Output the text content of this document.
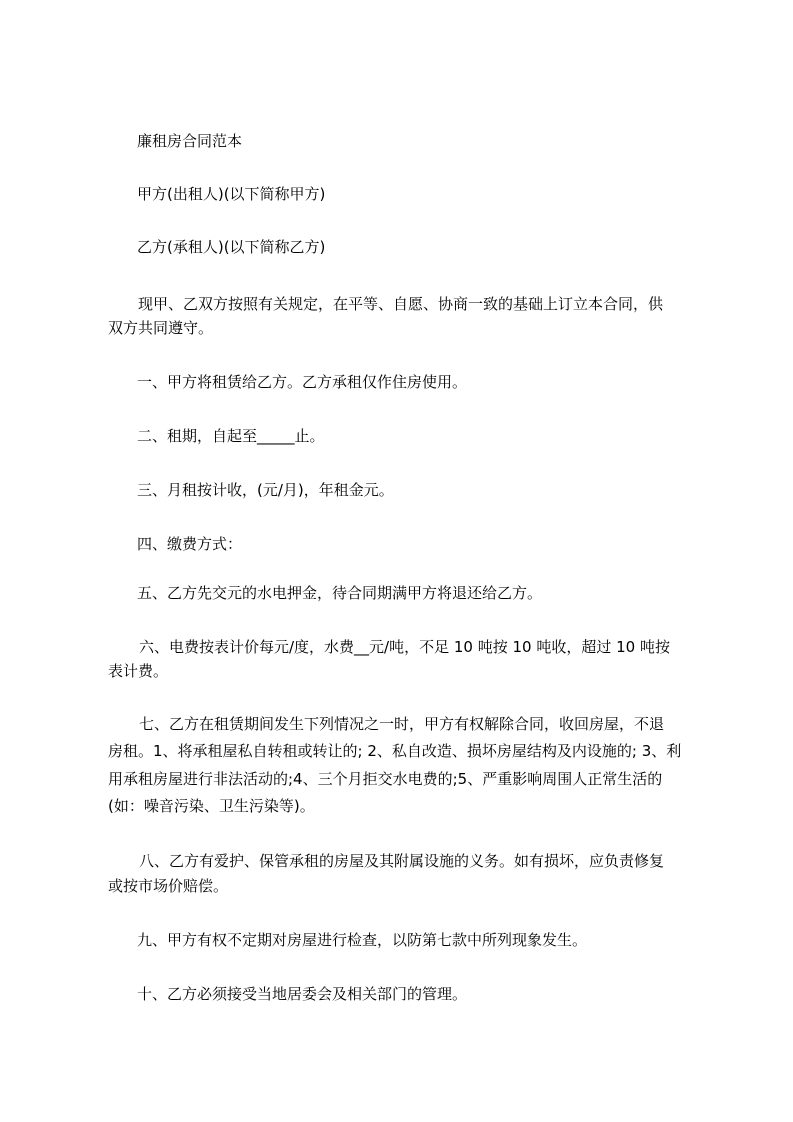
廉租房合同范本
甲方(出租人)(以下简称甲方)
乙方(承租人)(以下简称乙方)
现甲、乙双方按照有关规定，在平等、自愿、协商一致的基础上订立本合同，供
双方共同遵守。
一、甲方将租赁给乙方。乙方承租仅作住房使用。
二、租期，自起至_____止。
三、月租按计收，(元/月)，年租金元。
四、缴费方式：
五、乙方先交元的水电押金，待合同期满甲方将退还给乙方。
六、电费按表计价每元/度，水费__元/吨，不足 10 吨按 10 吨收，超过 10 吨按
表计费。
七、乙方在租赁期间发生下列情况之一时，甲方有权解除合同，收回房屋，不退
房租。1、将承租屋私自转租或转让的; 2、私自改造、损坏房屋结构及内设施的; 3、利
用承租房屋进行非法活动的;4、三个月拒交水电费的;5、严重影响周围人正常生活的
(如：噪音污染、卫生污染等)。
八、乙方有爱护、保管承租的房屋及其附属设施的义务。如有损坏，应负责修复
或按市场价赔偿。
九、甲方有权不定期对房屋进行检查，以防第七款中所列现象发生。
十、乙方必须接受当地居委会及相关部门的管理。
